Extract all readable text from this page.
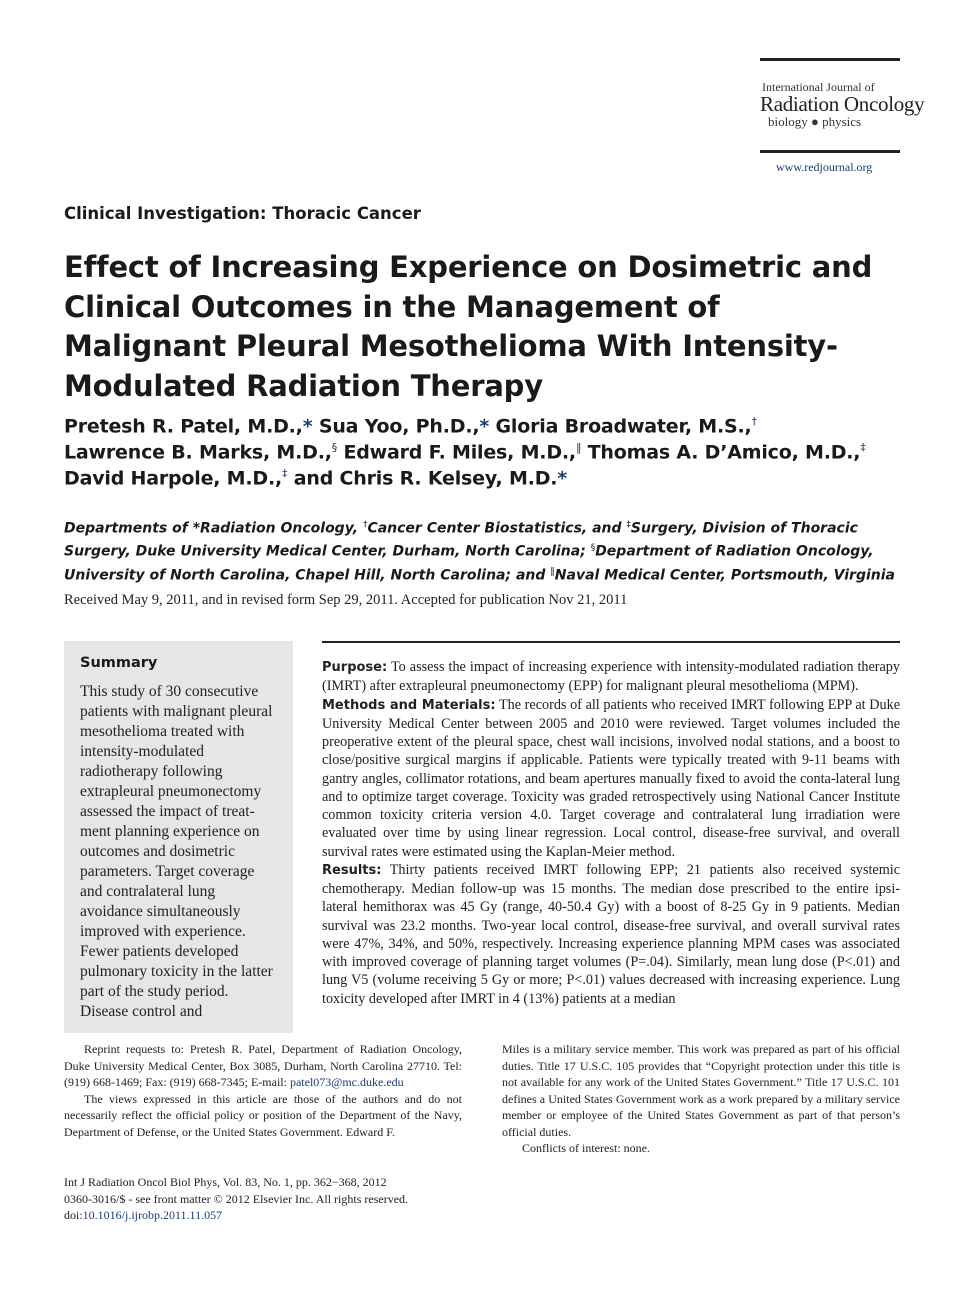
International Journal of
Radiation Oncology
biology ● physics
www.redjournal.org
Clinical Investigation: Thoracic Cancer
Effect of Increasing Experience on Dosimetric and Clinical Outcomes in the Management of Malignant Pleural Mesothelioma With Intensity-Modulated Radiation Therapy
Pretesh R. Patel, M.D.,* Sua Yoo, Ph.D.,* Gloria Broadwater, M.S.,†
Lawrence B. Marks, M.D.,§ Edward F. Miles, M.D.,‖ Thomas A. D’Amico, M.D.,‡
David Harpole, M.D.,‡ and Chris R. Kelsey, M.D.*
Departments of *Radiation Oncology, †Cancer Center Biostatistics, and ‡Surgery, Division of Thoracic Surgery, Duke University Medical Center, Durham, North Carolina; §Department of Radiation Oncology, University of North Carolina, Chapel Hill, North Carolina; and ‖Naval Medical Center, Portsmouth, Virginia
Received May 9, 2011, and in revised form Sep 29, 2011. Accepted for publication Nov 21, 2011
Summary
This study of 30 consecutive patients with malignant pleural mesothelioma treated with intensity-modulated radiotherapy following extrapleural pneumonectomy assessed the impact of treat-ment planning experience on outcomes and dosimetric parameters. Target coverage and contralateral lung avoidance simultaneously improved with experience. Fewer patients developed pulmonary toxicity in the latter part of the study period. Disease control and

Purpose: To assess the impact of increasing experience with intensity-modulated radiation therapy (IMRT) after extrapleural pneumonectomy (EPP) for malignant pleural mesothelioma (MPM).

Methods and Materials: The records of all patients who received IMRT following EPP at Duke University Medical Center between 2005 and 2010 were reviewed. Target volumes included the preoperative extent of the pleural space, chest wall incisions, involved nodal stations, and a boost to close/positive surgical margins if applicable. Patients were typically treated with 9-11 beams with gantry angles, collimator rotations, and beam apertures manually fixed to avoid the conta-lateral lung and to optimize target coverage. Toxicity was graded retrospectively using National Cancer Institute common toxicity criteria version 4.0. Target coverage and contralateral lung irradiation were evaluated over time by using linear regression. Local control, disease-free survival, and overall survival rates were estimated using the Kaplan-Meier method.

Results: Thirty patients received IMRT following EPP; 21 patients also received systemic chemotherapy. Median follow-up was 15 months. The median dose prescribed to the entire ipsi-lateral hemithorax was 45 Gy (range, 40-50.4 Gy) with a boost of 8-25 Gy in 9 patients. Median survival was 23.2 months. Two-year local control, disease-free survival, and overall survival rates were 47%, 34%, and 50%, respectively. Increasing experience planning MPM cases was associated with improved coverage of planning target volumes (P=.04). Similarly, mean lung dose (P<.01) and lung V5 (volume receiving 5 Gy or more; P<.01) values decreased with increasing experience. Lung toxicity developed after IMRT in 4 (13%) patients at a median

Reprint requests to: Pretesh R. Patel, Department of Radiation Oncology, Duke University Medical Center, Box 3085, Durham, North Carolina 27710. Tel: (919) 668-1469; Fax: (919) 668-7345; E-mail: patel073@mc.duke.edu

The views expressed in this article are those of the authors and do not necessarily reflect the official policy or position of the Department of the Navy, Department of Defense, or the United States Government. Edward F.

Miles is a military service member. This work was prepared as part of his official duties. Title 17 U.S.C. 105 provides that “Copyright protection under this title is not available for any work of the United States Government.” Title 17 U.S.C. 101 defines a United States Government work as a work prepared by a military service member or employee of the United States Government as part of that person’s official duties.

Conflicts of interest: none.

Int J Radiation Oncol Biol Phys, Vol. 83, No. 1, pp. 362−368, 2012
0360-3016/$ - see front matter © 2012 Elsevier Inc. All rights reserved.
doi:10.1016/j.ijrobp.2011.11.057
